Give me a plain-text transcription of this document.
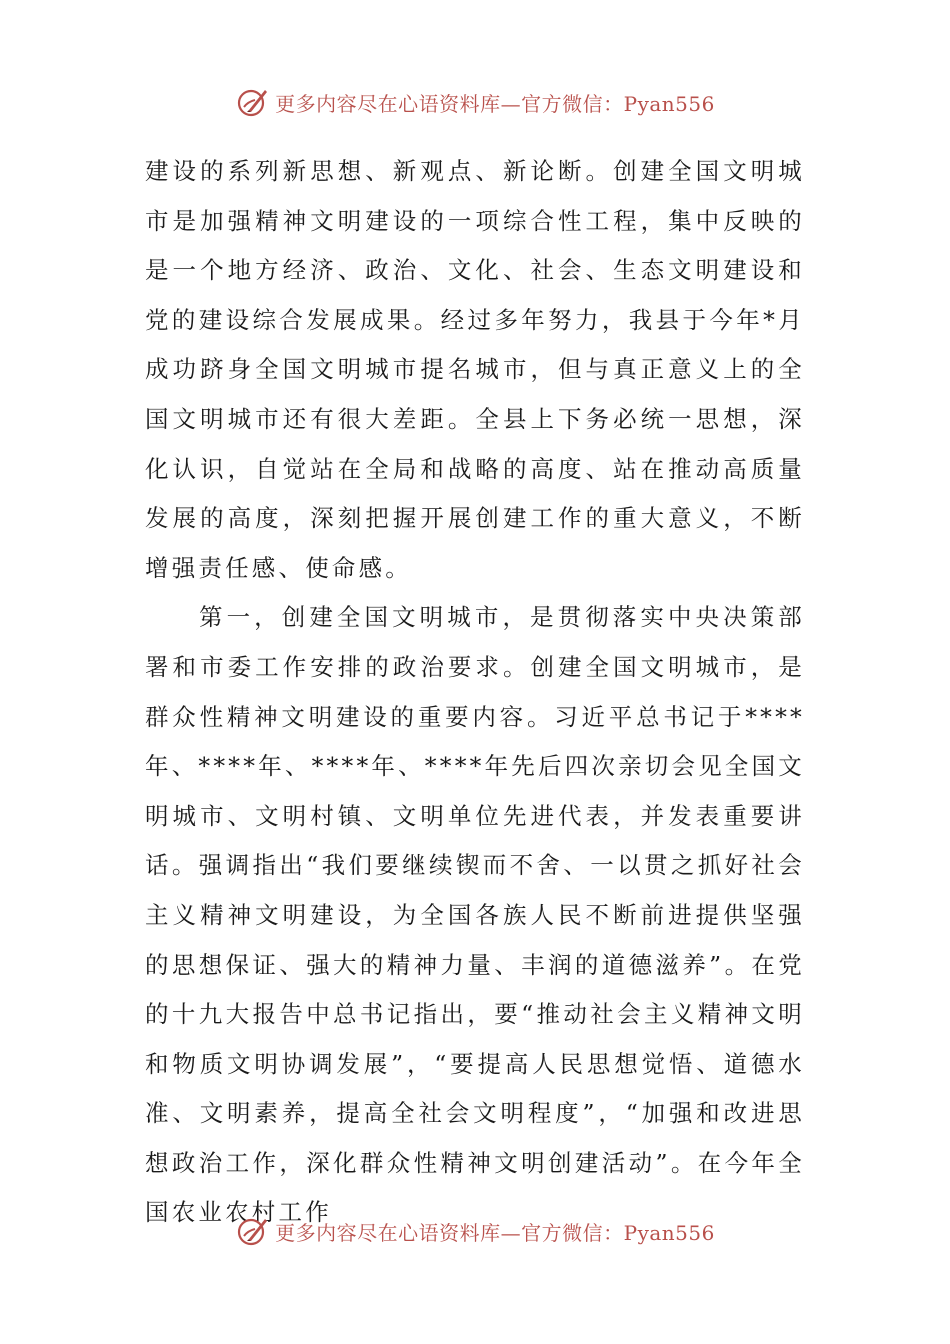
更多内容尽在心语资料库—官方微信：Pyan556

建设的系列新思想、新观点、新论断。创建全国文明城市是加强精神文明建设的一项综合性工程，集中反映的是一个地方经济、政治、文化、社会、生态文明建设和党的建设综合发展成果。经过多年努力，我县于今年*月成功跻身全国文明城市提名城市，但与真正意义上的全国文明城市还有很大差距。全县上下务必统一思想，深化认识，自觉站在全局和战略的高度、站在推动高质量发展的高度，深刻把握开展创建工作的重大意义，不断增强责任感、使命感。

第一，创建全国文明城市，是贯彻落实中央决策部署和市委工作安排的政治要求。创建全国文明城市，是群众性精神文明建设的重要内容。习近平总书记于****年、****年、****年、****年先后四次亲切会见全国文明城市、文明村镇、文明单位先进代表，并发表重要讲话。强调指出“我们要继续锲而不舍、一以贯之抓好社会主义精神文明建设，为全国各族人民不断前进提供坚强的思想保证、强大的精神力量、丰润的道德滋养”。在党的十九大报告中总书记指出，要“推动社会主义精神文明和物质文明协调发展”，“要提高人民思想觉悟、道德水准、文明素养，提高全社会文明程度”，“加强和改进思想政治工作，深化群众性精神文明创建活动”。在今年全国农业农村工作

更多内容尽在心语资料库—官方微信：Pyan556
